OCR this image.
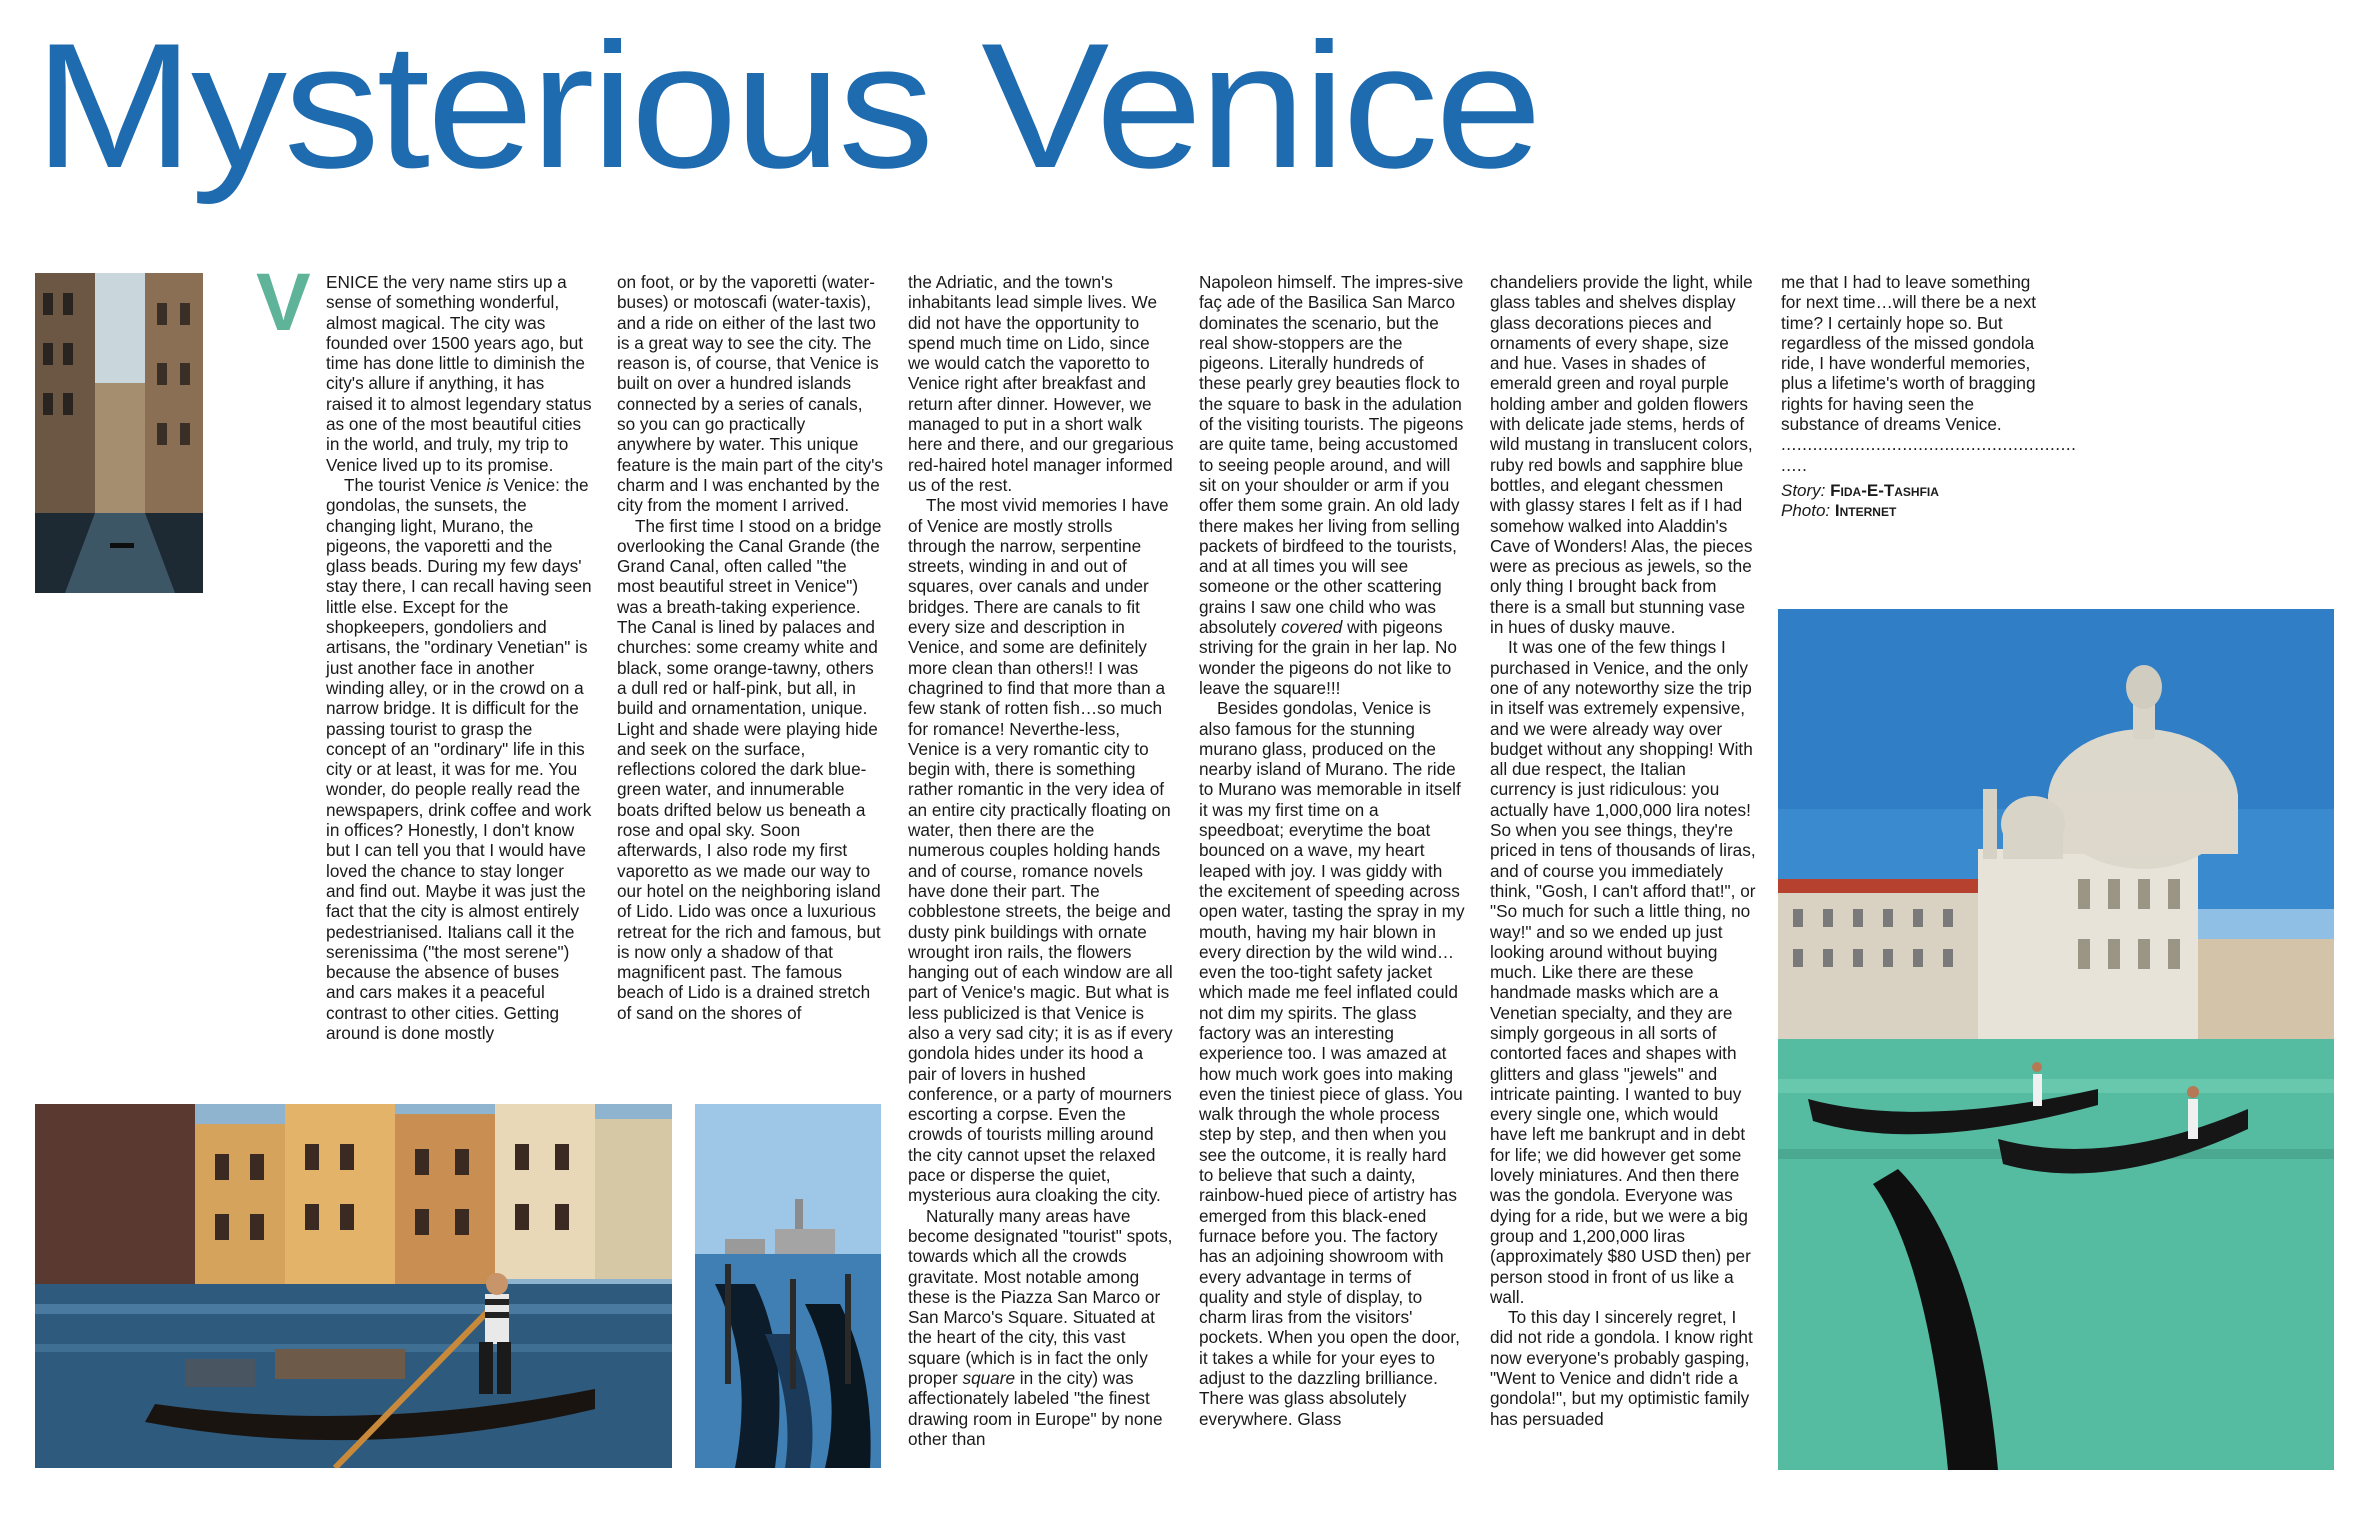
Mysterious Venice
V ENICE the very name stirs up a sense of something wonderful, almost magical. The city was founded over 1500 years ago, but time has done little to diminish the city's allure if anything, it has raised it to almost legendary status as one of the most beautiful cities in the world, and truly, my trip to Venice lived up to its promise.

The tourist Venice is Venice: the gondolas, the sunsets, the changing light, Murano, the pigeons, the vaporetti and the glass beads. During my few days' stay there, I can recall having seen little else. Except for the shopkeepers, gondoliers and artisans, the "ordinary Venetian" is just another face in another winding alley, or in the crowd on a narrow bridge. It is difficult for the passing tourist to grasp the concept of an "ordinary" life in this city or at least, it was for me. You wonder, do people really read the newspapers, drink coffee and work in offices? Honestly, I don't know but I can tell you that I would have loved the chance to stay longer and find out. Maybe it was just the fact that the city is almost entirely pedestrianised. Italians call it the serenissima ("the most serene") because the absence of buses and cars makes it a peaceful contrast to other cities. Getting around is done mostly

on foot, or by the vaporetti (water-buses) or motoscafi (water-taxis), and a ride on either of the last two is a great way to see the city. The reason is, of course, that Venice is built on over a hundred islands connected by a series of canals, so you can go practically anywhere by water. This unique feature is the main part of the city's charm and I was enchanted by the city from the moment I arrived.

The first time I stood on a bridge overlooking the Canal Grande (the Grand Canal, often called "the most beautiful street in Venice") was a breath-taking experience. The Canal is lined by palaces and churches: some creamy white and black, some orange-tawny, others a dull red or half-pink, but all, in build and ornamentation, unique. Light and shade were playing hide and seek on the surface, reflections colored the dark blue-green water, and innumerable boats drifted below us beneath a rose and opal sky. Soon afterwards, I also rode my first vaporetto as we made our way to our hotel on the neighboring island of Lido. Lido was once a luxurious retreat for the rich and famous, but is now only a shadow of that magnificent past. The famous beach of Lido is a drained stretch of sand on the shores of

the Adriatic, and the town's inhabitants lead simple lives. We did not have the opportunity to spend much time on Lido, since we would catch the vaporetto to Venice right after breakfast and return after dinner. However, we managed to put in a short walk here and there, and our gregarious red-haired hotel manager informed us of the rest.

The most vivid memories I have of Venice are mostly strolls through the narrow, serpentine streets, winding in and out of squares, over canals and under bridges. There are canals to fit every size and description in Venice, and some are definitely more clean than others!! I was chagrined to find that more than a few stank of rotten fish…so much for romance! Neverthe-less, Venice is a very romantic city to begin with, there is something rather romantic in the very idea of an entire city practically floating on water, then there are the numerous couples holding hands and of course, romance novels have done their part. The cobblestone streets, the beige and dusty pink buildings with ornate wrought iron rails, the flowers hanging out of each window are all part of Venice's magic. But what is less publicized is that Venice is also a very sad city; it is as if every gondola hides under its hood a pair of lovers in hushed conference, or a party of mourners escorting a corpse. Even the crowds of tourists milling around the city cannot upset the relaxed pace or disperse the quiet, mysterious aura cloaking the city.

Naturally many areas have become designated "tourist" spots, towards which all the crowds gravitate. Most notable among these is the Piazza San Marco or San Marco's Square. Situated at the heart of the city, this vast square (which is in fact the only proper square in the city) was affectionately labeled "the finest drawing room in Europe" by none other than

Napoleon himself. The impres-sive faç ade of the Basilica San Marco dominates the scenario, but the real show-stoppers are the pigeons. Literally hundreds of these pearly grey beauties flock to the square to bask in the adulation of the visiting tourists. The pigeons are quite tame, being accustomed to seeing people around, and will sit on your shoulder or arm if you offer them some grain. An old lady there makes her living from selling packets of birdfeed to the tourists, and at all times you will see someone or the other scattering grains I saw one child who was absolutely covered with pigeons striving for the grain in her lap. No wonder the pigeons do not like to leave the square!!!

Besides gondolas, Venice is also famous for the stunning murano glass, produced on the nearby island of Murano. The ride to Murano was memorable in itself it was my first time on a speedboat; everytime the boat bounced on a wave, my heart leaped with joy. I was giddy with the excitement of speeding across open water, tasting the spray in my mouth, having my hair blown in every direction by the wild wind…even the too-tight safety jacket which made me feel inflated could not dim my spirits. The glass factory was an interesting experience too. I was amazed at how much work goes into making even the tiniest piece of glass. You walk through the whole process step by step, and then when you see the outcome, it is really hard to believe that such a dainty, rainbow-hued piece of artistry has emerged from this black-ened furnace before you. The factory has an adjoining showroom with every advantage in terms of quality and style of display, to charm liras from the visitors' pockets. When you open the door, it takes a while for your eyes to adjust to the dazzling brilliance. There was glass absolutely everywhere. Glass

chandeliers provide the light, while glass tables and shelves display glass decorations pieces and ornaments of every shape, size and hue. Vases in shades of emerald green and royal purple holding amber and golden flowers with delicate jade stems, herds of wild mustang in translucent colors, ruby red bowls and sapphire blue bottles, and elegant chessmen with glassy stares I felt as if I had somehow walked into Aladdin's Cave of Wonders! Alas, the pieces were as precious as jewels, so the only thing I brought back from there is a small but stunning vase in hues of dusky mauve.

It was one of the few things I purchased in Venice, and the only one of any noteworthy size the trip in itself was extremely expensive, and we were already way over budget without any shopping! With all due respect, the Italian currency is just ridiculous: you actually have 1,000,000 lira notes! So when you see things, they're priced in tens of thousands of liras, and of course you immediately think, "Gosh, I can't afford that!", or "So much for such a little thing, no way!" and so we ended up just looking around without buying much. Like there are these handmade masks which are a Venetian specialty, and they are simply gorgeous in all sorts of contorted faces and shapes with glitters and glass "jewels" and intricate painting. I wanted to buy every single one, which would have left me bankrupt and in debt for life; we did however get some lovely miniatures. And then there was the gondola. Everyone was dying for a ride, but we were a big group and 1,200,000 liras (approximately $80 USD then) per person stood in front of us like a wall.

To this day I sincerely regret, I did not ride a gondola. I know right now everyone's probably gasping, "Went to Venice and didn't ride a gondola!", but my optimistic family has persuaded

me that I had to leave something for next time…will there be a next time? I certainly hope so. But regardless of the missed gondola ride, I have wonderful memories, plus a lifetime's worth of bragging rights for having seen the substance of dreams Venice.

........................................................ .....
Story: Fida-E-Tashfia
Photo: Internet
